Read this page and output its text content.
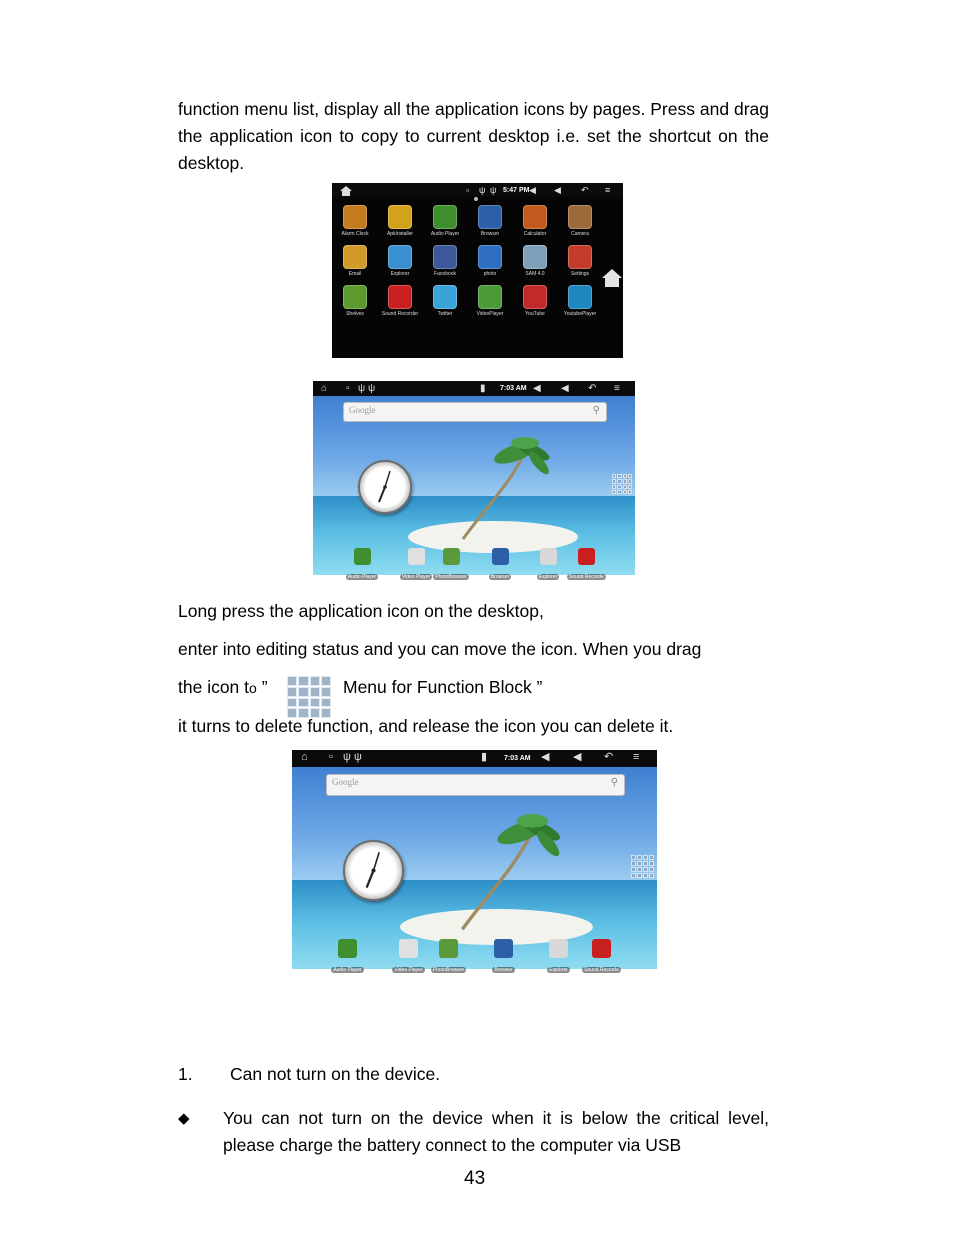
function menu list, display all the application icons by pages. Press and drag the application icon to copy to current desktop i.e. set the shortcut on the desktop.
▫	ψ ψ 5:47 PM ◀	◀	↶ ≡
Alarm Clock	ApkInstaller	Audio Player	Browser	Calculator	Camera
Email	Explorer	Facebook	photo	SAM 4.0	Settings
Shelves	Sound Recorder	Twitter	VideoPlayer	YouTube	YoutubePlayer
⌂	▫ ψ ψ	▮	◀ ◀ ↶ ≡
7:03 AM
Google	⚲
Audio Player	Video Player	PhotoBrowser	Browser	Explorer	Sound Recorde
Long press the application icon on the desktop,
enter into editing status and you can move the icon. When you drag
the icon to ”	Menu for Function Block ”
it turns to delete function, and release the icon you can delete it.
⌂	▫ ψ ψ	▮	◀ ◀ ↶ ≡
7:03 AM
Google	⚲
Audio Player	Video Player	PhotoBrowser	Browser	Explorer	Sound Recorde
1. Can not turn on the device.
◆ You can not turn on the device when it is below the critical level, please charge the battery connect to the computer via USB
43
